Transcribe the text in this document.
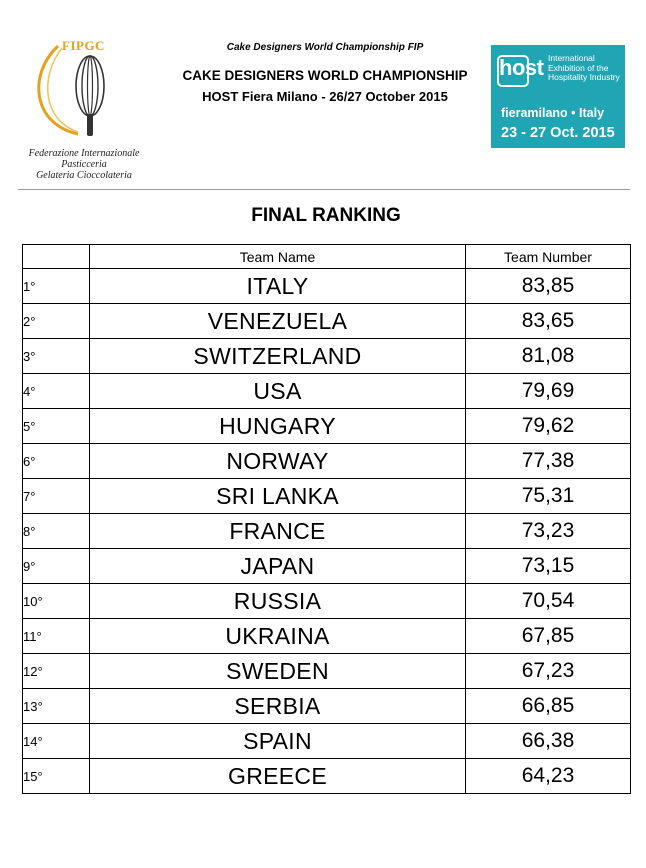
FIPGC
Federazione Internazionale
Pasticceria
Gelateria Cioccolateria
Cake Designers World Championship FIP
CAKE DESIGNERS WORLD CHAMPIONSHIP
HOST Fiera Milano - 26/27 October 2015
host International Exhibition of the Hospitality Industry
fieramilano • Italy
23 - 27 Oct. 2015
FINAL RANKING
	Team Name	Team Number
1°	ITALY	83,85
2°	VENEZUELA	83,65
3°	SWITZERLAND	81,08
4°	USA	79,69
5°	HUNGARY	79,62
6°	NORWAY	77,38
7°	SRI LANKA	75,31
8°	FRANCE	73,23
9°	JAPAN	73,15
10°	RUSSIA	70,54
11°	UKRAINA	67,85
12°	SWEDEN	67,23
13°	SERBIA	66,85
14°	SPAIN	66,38
15°	GREECE	64,23
